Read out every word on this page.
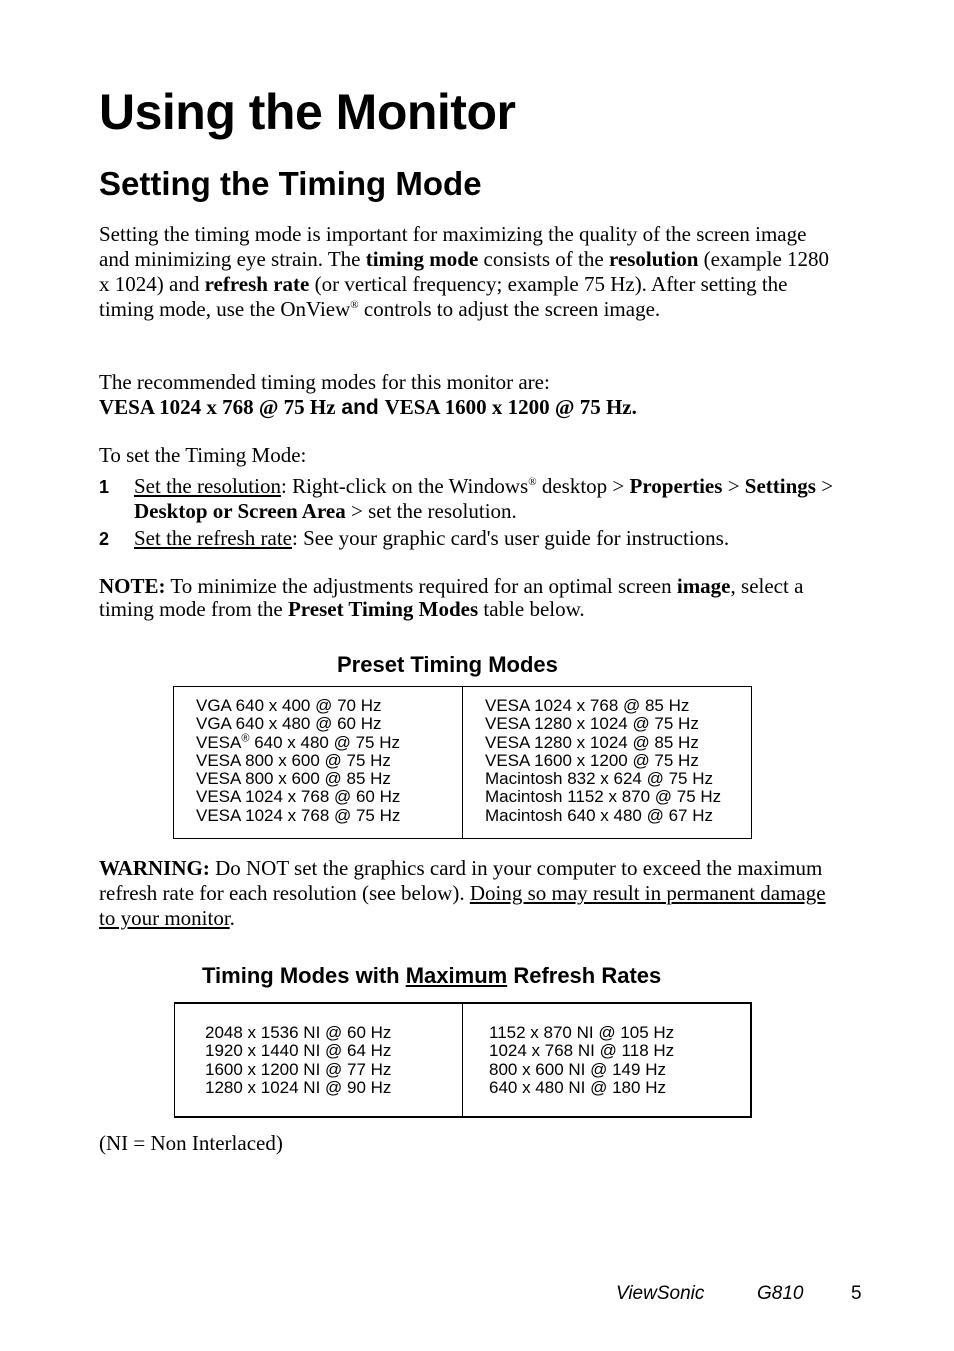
Using the Monitor
Setting the Timing Mode

Setting the timing mode is important for maximizing the quality of the screen image and minimizing eye strain. The timing mode consists of the resolution (example 1280 x 1024) and refresh rate (or vertical frequency; example 75 Hz). After setting the timing mode, use the OnView® controls to adjust the screen image.

The recommended timing modes for this monitor are:
VESA 1024 x 768 @ 75 Hz and VESA 1600 x 1200 @ 75 Hz.

To set the Timing Mode:

1 Set the resolution: Right-click on the Windows® desktop > Properties > Settings > Desktop or Screen Area > set the resolution.
2 Set the refresh rate: See your graphic card's user guide for instructions.

NOTE: To minimize the adjustments required for an optimal screen image, select a timing mode from the Preset Timing Modes table below.

Preset Timing Modes

VGA 640 x 400 @ 70 Hz
VGA 640 x 480 @ 60 Hz
VESA® 640 x 480 @ 75 Hz
VESA 800 x 600 @ 75 Hz
VESA 800 x 600 @ 85 Hz
VESA 1024 x 768 @ 60 Hz
VESA 1024 x 768 @ 75 Hz
VESA 1024 x 768 @ 85 Hz
VESA 1280 x 1024 @ 75 Hz
VESA 1280 x 1024 @ 85 Hz
VESA 1600 x 1200 @ 75 Hz
Macintosh 832 x 624 @ 75 Hz
Macintosh 1152 x 870 @ 75 Hz
Macintosh 640 x 480 @ 67 Hz

WARNING: Do NOT set the graphics card in your computer to exceed the maximum refresh rate for each resolution (see below). Doing so may result in permanent damage to your monitor.

Timing Modes with Maximum Refresh Rates

2048 x 1536 NI @ 60 Hz
1920 x 1440 NI @ 64 Hz
1600 x 1200 NI @ 77 Hz
1280 x 1024 NI @ 90 Hz
1152 x 870 NI @ 105 Hz
1024 x 768 NI @ 118 Hz
800 x 600 NI @ 149 Hz
640 x 480 NI @ 180 Hz

(NI = Non Interlaced)

ViewSonic	G810	5
